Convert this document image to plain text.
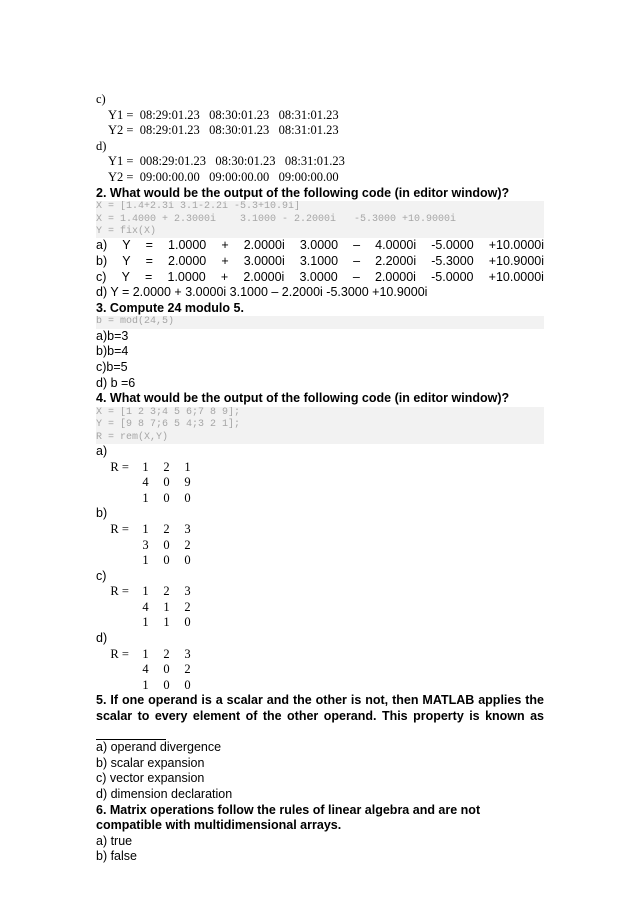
c)
Y1 =  08:29:01.23   08:30:01.23   08:31:01.23
Y2 =  08:29:01.23   08:30:01.23   08:31:01.23
d)
Y1 =  008:29:01.23   08:30:01.23   08:31:01.23
Y2 =  09:00:00.00   09:00:00.00   09:00:00.00
2. What would be the output of the following code (in editor window)?
X = [1.4+2.3i 3.1-2.2i -5.3+10.9i]
X = 1.4000 + 2.3000i    3.1000 - 2.2000i   -5.3000 +10.9000i
Y = fix(X)
a) Y = 1.0000 + 2.0000i 3.0000 – 4.0000i -5.0000 +10.0000i
b) Y = 2.0000 + 3.0000i 3.1000 – 2.2000i -5.3000 +10.9000i
c) Y = 1.0000 + 2.0000i 3.0000 – 2.0000i -5.0000 +10.0000i
d) Y = 2.0000 + 3.0000i 3.1000 – 2.2000i -5.3000 +10.9000i
3. Compute 24 modulo 5.
b = mod(24,5)
a)b=3
b)b=4
c)b=5
d) b =6
4. What would be the output of the following code (in editor window)?
X = [1 2 3;4 5 6;7 8 9];
Y = [9 8 7;6 5 4;3 2 1];
R = rem(X,Y)
a)
R = 1	2	1
4	0	9
1	0	0
b)
R = 1	2	3
3	0	2
1	0	0
c)
R = 1	2	3
4	1	2
1	1	0
d)
R = 1	2	3
4	0	2
1	0	0
5. If one operand is a scalar and the other is not, then MATLAB applies the scalar to every element of the other operand. This property is known as
a) operand divergence
b) scalar expansion
c) vector expansion
d) dimension declaration
6. Matrix operations follow the rules of linear algebra and are not compatible with multidimensional arrays.
a) true
b) false
